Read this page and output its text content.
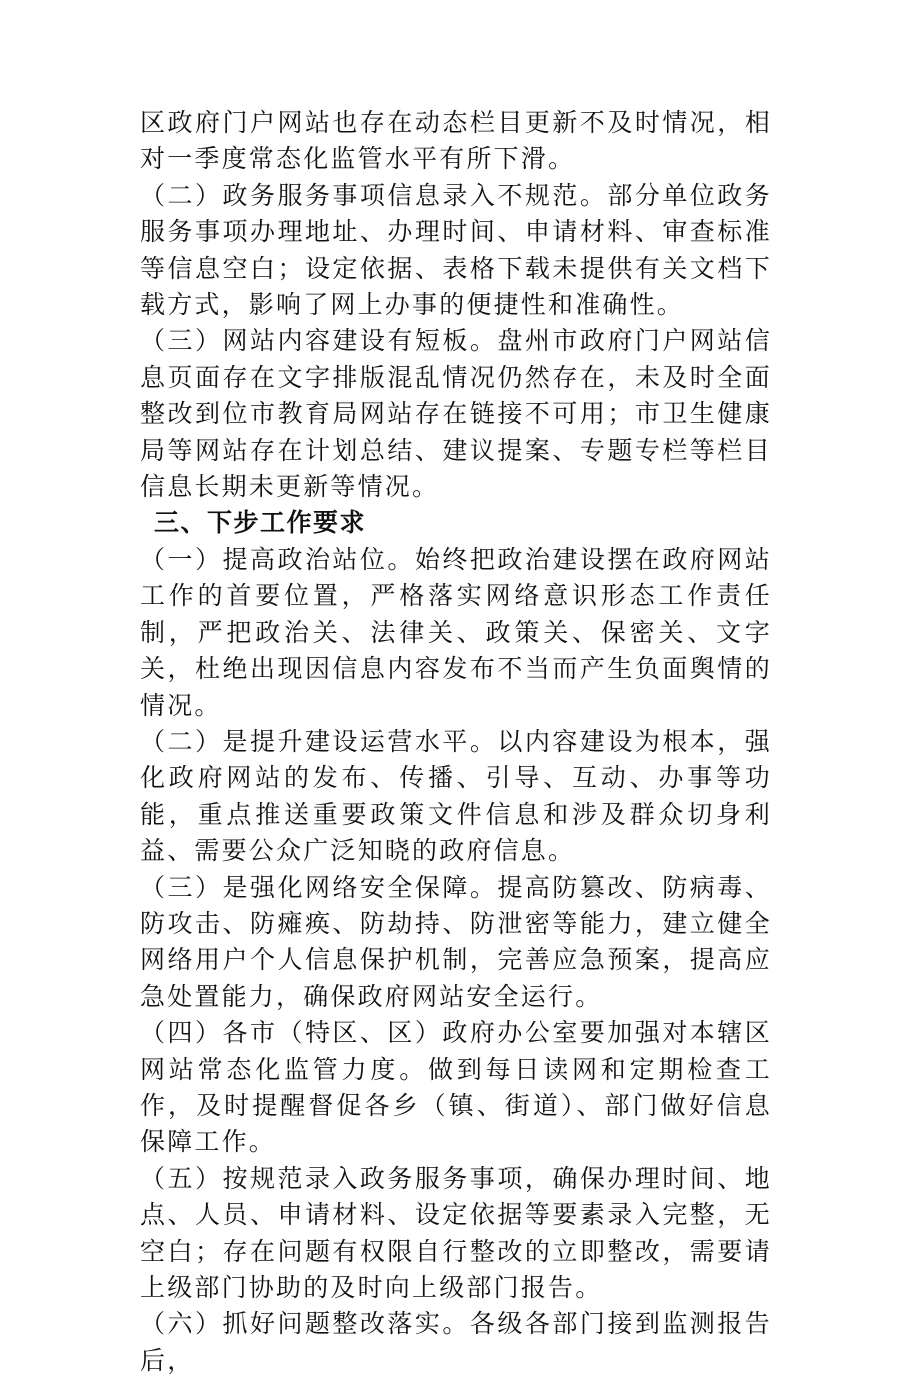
区政府门户网站也存在动态栏目更新不及时情况，相对一季度常态化监管水平有所下滑。

（二）政务服务事项信息录入不规范。部分单位政务服务事项办理地址、办理时间、申请材料、审查标准等信息空白；设定依据、表格下载未提供有关文档下载方式，影响了网上办事的便捷性和准确性。

（三）网站内容建设有短板。盘州市政府门户网站信息页面存在文字排版混乱情况仍然存在，未及时全面整改到位市教育局网站存在链接不可用；市卫生健康局等网站存在计划总结、建议提案、专题专栏等栏目信息长期未更新等情况。

三、下步工作要求

（一）提高政治站位。始终把政治建设摆在政府网站工作的首要位置，严格落实网络意识形态工作责任制，严把政治关、法律关、政策关、保密关、文字关，杜绝出现因信息内容发布不当而产生负面舆情的情况。

（二）是提升建设运营水平。以内容建设为根本，强化政府网站的发布、传播、引导、互动、办事等功能，重点推送重要政策文件信息和涉及群众切身利益、需要公众广泛知晓的政府信息。

（三）是强化网络安全保障。提高防篡改、防病毒、防攻击、防瘫痪、防劫持、防泄密等能力，建立健全网络用户个人信息保护机制，完善应急预案，提高应急处置能力，确保政府网站安全运行。

（四）各市（特区、区）政府办公室要加强对本辖区网站常态化监管力度。做到每日读网和定期检查工作，及时提醒督促各乡（镇、街道）、部门做好信息保障工作。

（五）按规范录入政务服务事项，确保办理时间、地点、人员、申请材料、设定依据等要素录入完整，无空白；存在问题有权限自行整改的立即整改，需要请上级部门协助的及时向上级部门报告。

（六）抓好问题整改落实。各级各部门接到监测报告后，
